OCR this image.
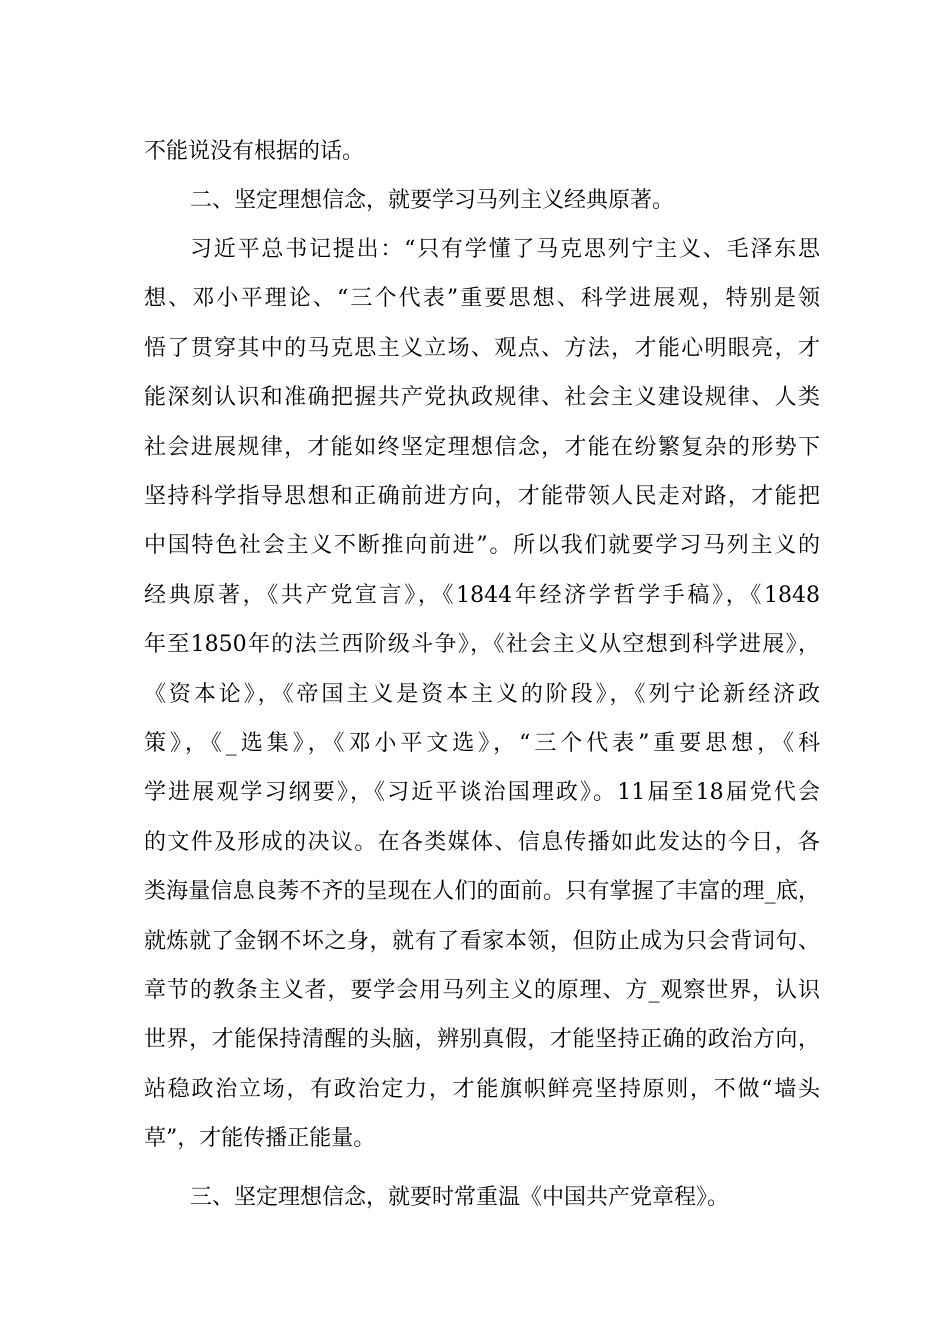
不能说没有根据的话。
二、坚定理想信念，就要学习马列主义经典原著。
习近平总书记提出：“只有学懂了马克思列宁主义、毛泽东思
想、邓小平理论、“三个代表”重要思想、科学进展观，特别是领
悟了贯穿其中的马克思主义立场、观点、方法，才能心明眼亮，才
能深刻认识和准确把握共产党执政规律、社会主义建设规律、人类
社会进展规律，才能如终坚定理想信念，才能在纷繁复杂的形势下
坚持科学指导思想和正确前进方向，才能带领人民走对路，才能把
中国特色社会主义不断推向前进”。所以我们就要学习马列主义的
经典原著，《共产党宣言》，《1844年经济学哲学手稿》，《1848
年至1850年的法兰西阶级斗争》，《社会主义从空想到科学进展》，
《资本论》，《帝国主义是资本主义的阶段》，《列宁论新经济政
策》，《_选集》，《邓小平文选》，“三个代表”重要思想，《科
学进展观学习纲要》，《习近平谈治国理政》。11届至18届党代会
的文件及形成的决议。在各类媒体、信息传播如此发达的今日，各
类海量信息良莠不齐的呈现在人们的面前。只有掌握了丰富的理_底，
就炼就了金钢不坏之身，就有了看家本领，但防止成为只会背词句、
章节的教条主义者，要学会用马列主义的原理、方_观察世界，认识
世界，才能保持清醒的头脑，辨别真假，才能坚持正确的政治方向，
站稳政治立场，有政治定力，才能旗帜鲜亮坚持原则，不做“墙头
草”，才能传播正能量。
三、坚定理想信念，就要时常重温《中国共产党章程》。
